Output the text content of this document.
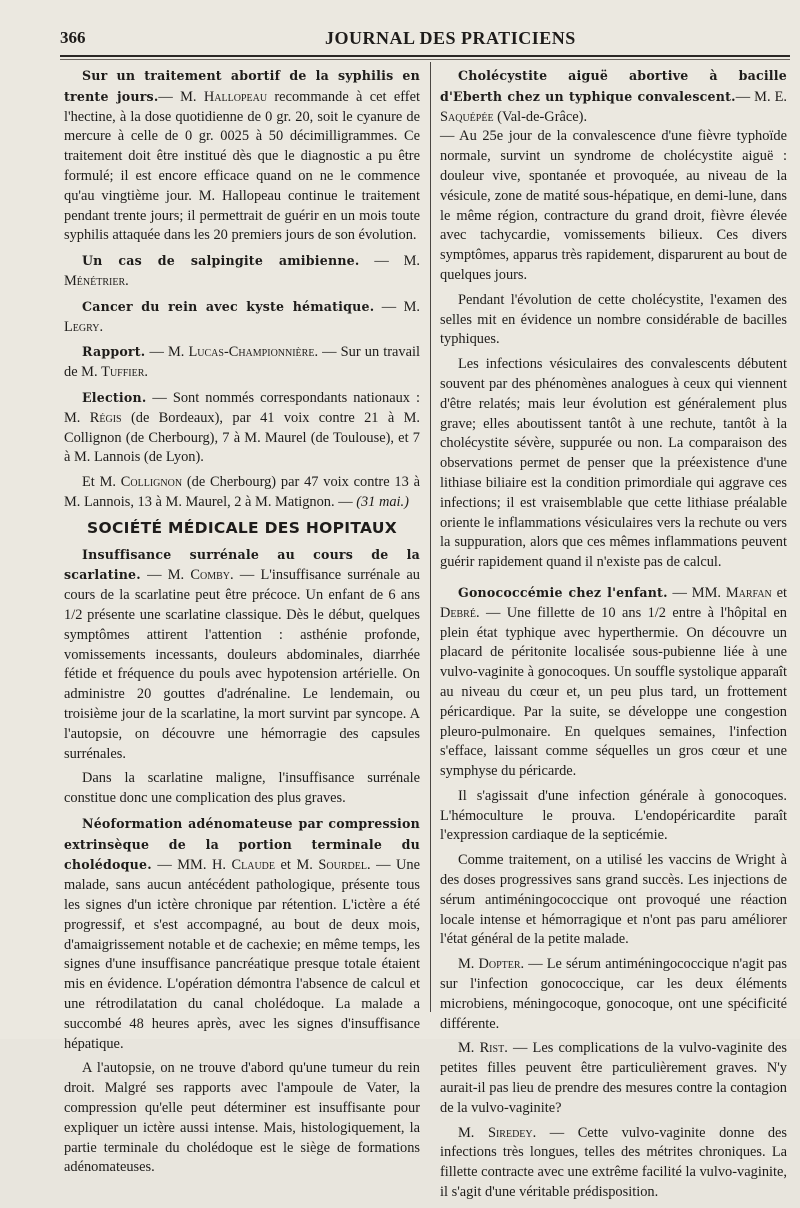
366	JOURNAL DES PRATICIENS

Sur un traitement abortif de la syphilis en trente jours.— M. Hallopeau recommande à cet effet l'hectine, à la dose quotidienne de 0 gr. 20, soit le cyanure de mercure à celle de 0 gr. 0025 à 50 décimilligrammes. Ce traitement doit être institué dès que le diagnostic a pu être formulé; il est encore efficace quand on ne le commence qu'au vingtième jour. M. Hallopeau continue le traitement pendant trente jours; il permettrait de guérir en un mois toute syphilis attaquée dans les 20 premiers jours de son évolution.

Un cas de salpingite amibienne. — M. Ménétrier.

Cancer du rein avec kyste hématique. — M. Legry.

Rapport. — M. Lucas-Championnière. — Sur un travail de M. Tuffier.

Election. — Sont nommés correspondants nationaux : M. Régis (de Bordeaux), par 41 voix contre 21 à M. Collignon (de Cherbourg), 7 à M. Maurel (de Toulouse), et 7 à M. Lannois (de Lyon).

Et M. Collignon (de Cherbourg) par 47 voix contre 13 à M. Lannois, 13 à M. Maurel, 2 à M. Matignon. — (31 mai.)

SOCIÉTÉ MÉDICALE DES HOPITAUX

Insuffisance surrénale au cours de la scarlatine. — M. Comby. — L'insuffisance surrénale au cours de la scarlatine peut être précoce. Un enfant de 6 ans 1/2 présente une scarlatine classique. Dès le début, quelques symptômes attirent l'attention : asthénie profonde, vomissements incessants, douleurs abdominales, diarrhée fétide et fréquence du pouls avec hypotension artérielle. On administre 20 gouttes d'adrénaline. Le lendemain, ou troisième jour de la scarlatine, la mort survint par syncope. A l'autopsie, on découvre une hémorragie des capsules surrénales.

Dans la scarlatine maligne, l'insuffisance surrénale constitue donc une complication des plus graves.

Néoformation adénomateuse par compression extrinsèque de la portion terminale du cholédoque. — MM. H. Claude et M. Sourdel. — Une malade, sans aucun antécédent pathologique, présente tous les signes d'un ictère chronique par rétention. L'ictère a été progressif, et s'est accompagné, au bout de deux mois, d'amaigrissement notable et de cachexie; en même temps, les signes d'une insuffisance pancréatique presque totale étaient mis en évidence. L'opération démontra l'absence de calcul et une rétrodilatation du canal cholédoque. La malade a succombé 48 heures après, avec les signes d'insuffisance hépatique.

A l'autopsie, on ne trouve d'abord qu'une tumeur du rein droit. Malgré ses rapports avec l'ampoule de Vater, la compression qu'elle peut déterminer est insuffisante pour expliquer un ictère aussi intense. Mais, histologiquement, la partie terminale du cholédoque est le siège de formations adénomateuses.

Cholécystite aiguë abortive à bacille d'Eberth chez un typhique convalescent.— M. E. Saquépée (Val-de-Grâce).
— Au 25e jour de la convalescence d'une fièvre typhoïde normale, survint un syndrome de cholécystite aiguë : douleur vive, spontanée et provoquée, au niveau de la vésicule, zone de matité sous-hépatique, en demi-lune, dans le même région, contracture du grand droit, fièvre élevée avec tachycardie, vomissements bilieux. Ces divers symptômes, apparus très rapidement, disparurent au bout de quelques jours.

Pendant l'évolution de cette cholécystite, l'examen des selles mit en évidence un nombre considérable de bacilles typhiques.

Les infections vésiculaires des convalescents débutent souvent par des phénomènes analogues à ceux qui viennent d'être relatés; mais leur évolution est généralement plus grave; elles aboutissent tantôt à une rechute, tantôt à la cholécystite sévère, suppurée ou non. La comparaison des observations permet de penser que la préexistence d'une lithiase biliaire est la condition primordiale qui aggrave ces infections; il est vraisemblable que cette lithiase préalable oriente le inflammations vésiculaires vers la rechute ou vers la suppuration, alors que ces mêmes inflammations peuvent guérir rapidement quand il n'existe pas de calcul.

Gonococcémie chez l'enfant. — MM. Marfan et Debré. — Une fillette de 10 ans 1/2 entre à l'hôpital en plein état typhique avec hyperthermie. On découvre un placard de péritonite localisée sous-pubienne liée à une vulvo-vaginite à gonocoques. Un souffle systolique apparaît au niveau du cœur et, un peu plus tard, un frottement péricardique. Par la suite, se développe une congestion pleuro-pulmonaire. En quelques semaines, l'infection s'efface, laissant comme séquelles un gros cœur et une symphyse du péricarde.

Il s'agissait d'une infection générale à gonocoques. L'hémoculture le prouva. L'endopéricardite paraît l'expression cardiaque de la septicémie.

Comme traitement, on a utilisé les vaccins de Wright à des doses progressives sans grand succès. Les injections de sérum antiméningococcique ont provoqué une réaction locale intense et hémorragique et n'ont pas paru améliorer l'état général de la petite malade.

M. Dopter. — Le sérum antiméningococcique n'agit pas sur l'infection gonococcique, car les deux éléments microbiens, méningocoque, gonocoque, ont une spécificité différente.

M. Rist. — Les complications de la vulvo-vaginite des petites filles peuvent être particulièrement graves. N'y aurait-il pas lieu de prendre des mesures contre la contagion de la vulvo-vaginite?

M. Siredey. — Cette vulvo-vaginite donne des infections très longues, telles des métrites chroniques. La fillette contracte avec une extrême facilité la vulvo-vaginite, il s'agit d'une véritable prédisposition.
